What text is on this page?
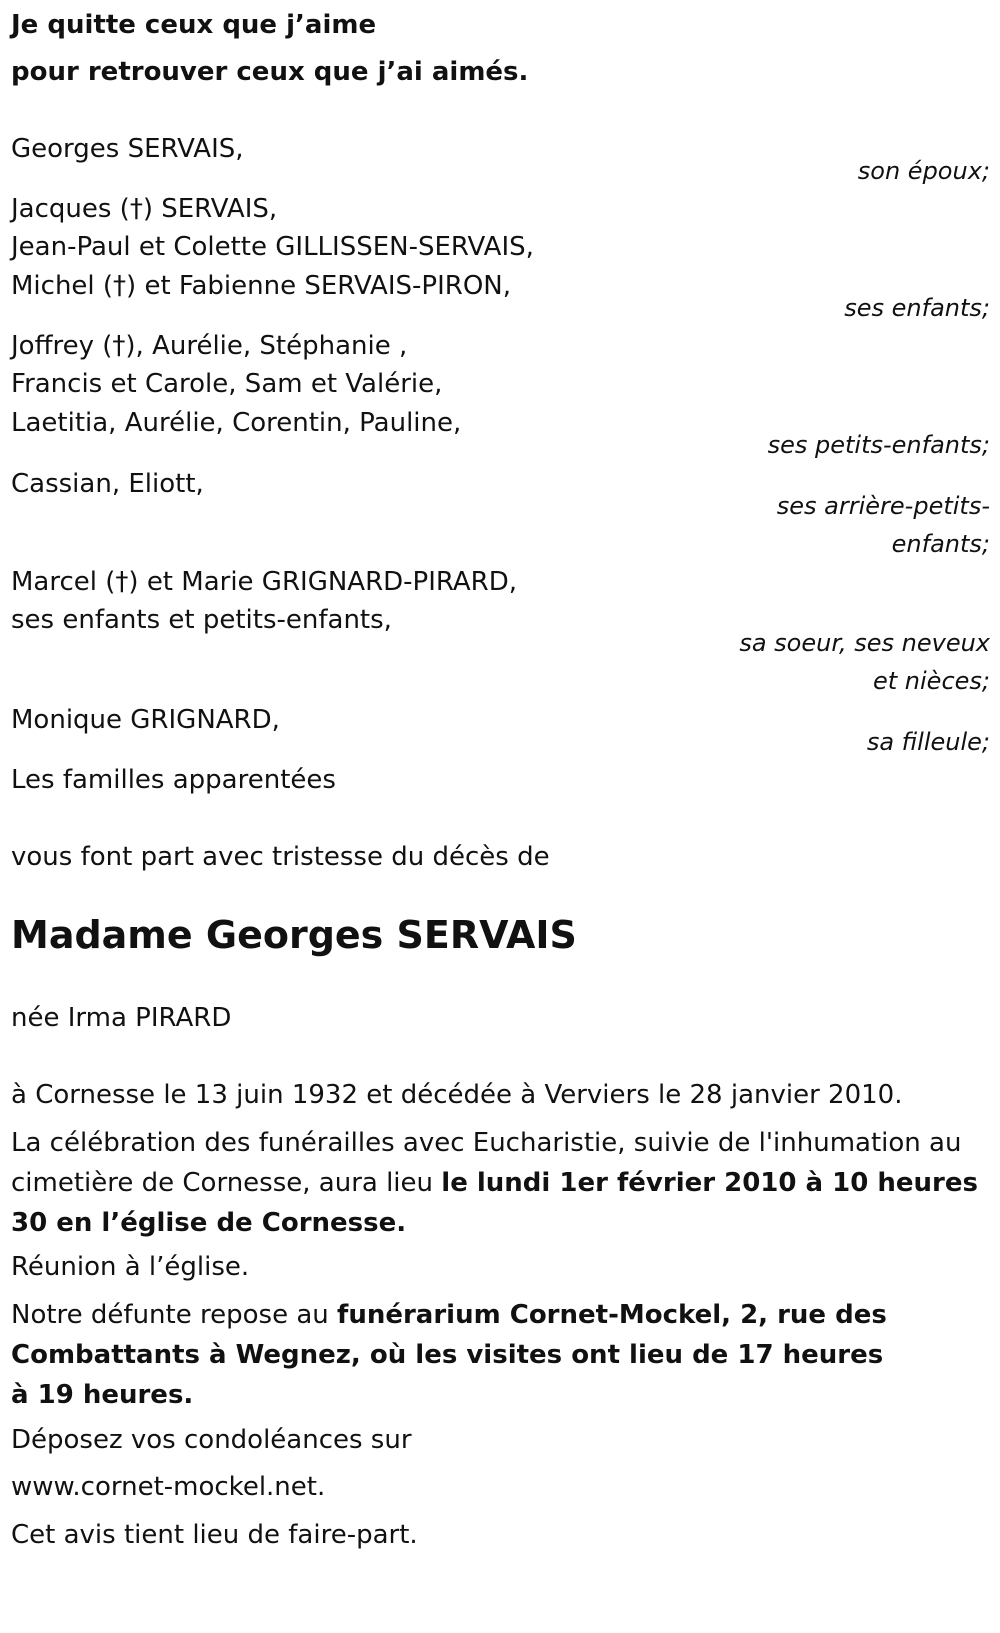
Je quitte ceux que j’aime
pour retrouver ceux que j’ai aimés.
Georges SERVAIS,
son époux;
Jacques (†) SERVAIS,
Jean-Paul et Colette GILLISSEN-SERVAIS,
Michel (†) et Fabienne SERVAIS-PIRON,
ses enfants;
Joffrey (†), Aurélie, Stéphanie ,
Francis et Carole, Sam et Valérie,
Laetitia, Aurélie, Corentin, Pauline,
ses petits-enfants;
Cassian, Eliott,
ses arrière-petits-
enfants;
Marcel (†) et Marie GRIGNARD-PIRARD,
ses enfants et petits-enfants,
sa soeur, ses neveux
et nièces;
Monique GRIGNARD,
sa filleule;
Les familles apparentées
vous font part avec tristesse du décès de
Madame Georges SERVAIS
née Irma PIRARD
à Cornesse le 13 juin 1932 et décédée à Verviers le 28 janvier 2010.
La célébration des funérailles avec Eucharistie, suivie de l'inhumation au cimetière de Cornesse, aura lieu le lundi 1er février 2010 à 10 heures 30 en l’église de Cornesse.
Réunion à l’église.
Notre défunte repose au funérarium Cornet-Mockel, 2, rue des Combattants à Wegnez, où les visites ont lieu de 17 heures à 19 heures.
Déposez vos condoléances sur
www.cornet-mockel.net.
Cet avis tient lieu de faire-part.
